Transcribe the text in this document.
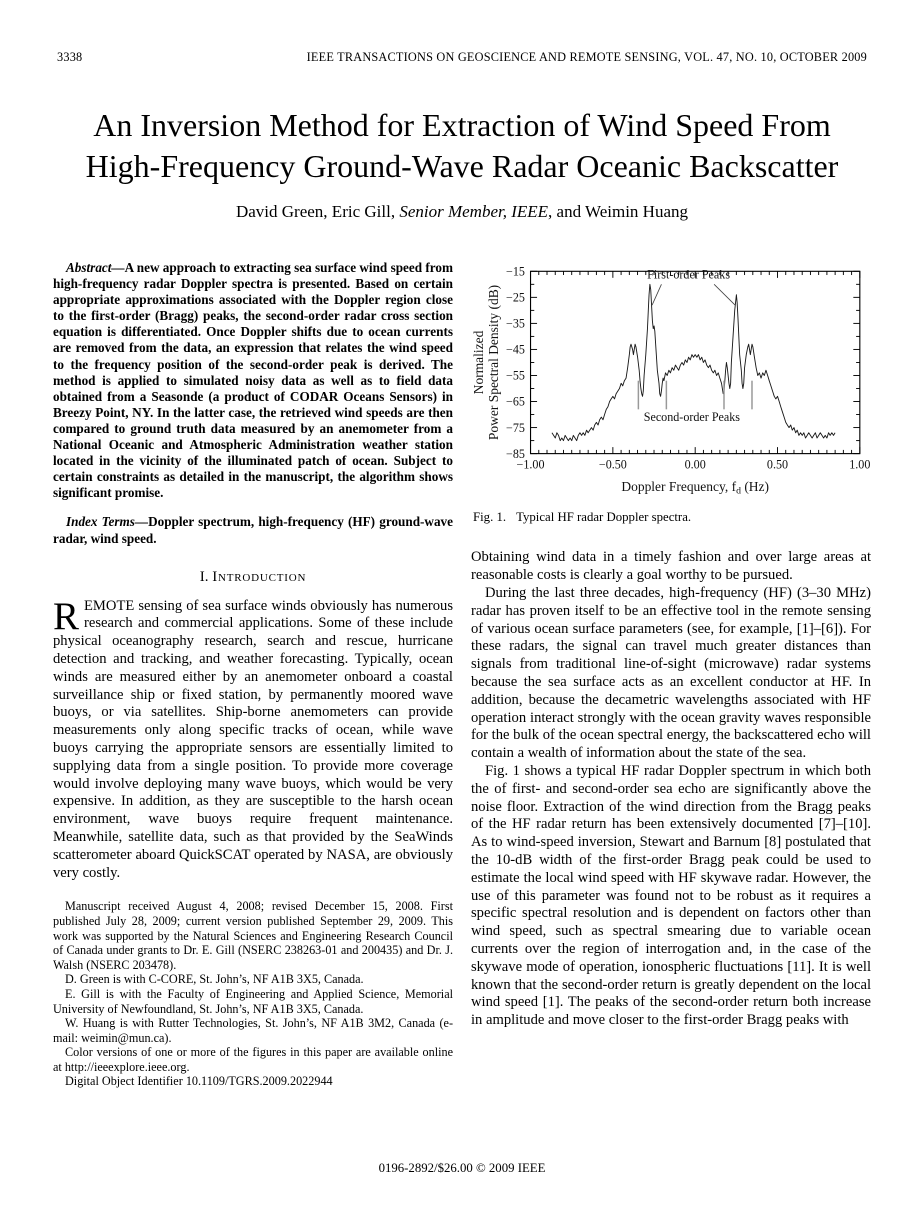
3338	IEEE TRANSACTIONS ON GEOSCIENCE AND REMOTE SENSING, VOL. 47, NO. 10, OCTOBER 2009
An Inversion Method for Extraction of Wind Speed From High-Frequency Ground-Wave Radar Oceanic Backscatter
David Green, Eric Gill, Senior Member, IEEE, and Weimin Huang

Abstract—A new approach to extracting sea surface wind speed from high-frequency radar Doppler spectra is presented. Based on certain appropriate approximations associated with the Doppler region close to the first-order (Bragg) peaks, the second-order radar cross section equation is differentiated. Once Doppler shifts due to ocean currents are removed from the data, an expression that relates the wind speed to the frequency position of the second-order peak is derived. The method is applied to simulated noisy data as well as to field data obtained from a Seasonde (a product of CODAR Oceans Sensors) in Breezy Point, NY. In the latter case, the retrieved wind speeds are then compared to ground truth data measured by an anemometer from a National Oceanic and Atmospheric Administration weather station located in the vicinity of the illuminated patch of ocean. Subject to certain constraints as detailed in the manuscript, the algorithm shows significant promise.

Index Terms—Doppler spectrum, high-frequency (HF) ground-wave radar, wind speed.

I. Introduction

REMOTE sensing of sea surface winds obviously has numerous research and commercial applications. Some of these include physical oceanography research, search and rescue, hurricane detection and tracking, and weather forecasting. Typically, ocean winds are measured either by an anemometer onboard a coastal surveillance ship or fixed station, by permanently moored wave buoys, or via satellites. Ship-borne anemometers can provide measurements only along specific tracks of ocean, while wave buoys carrying the appropriate sensors are essentially limited to supplying data from a single position. To provide more coverage would involve deploying many wave buoys, which would be very expensive. In addition, as they are susceptible to the harsh ocean environment, wave buoys require frequent maintenance. Meanwhile, satellite data, such as that provided by the SeaWinds scatterometer aboard QuickSCAT operated by NASA, are obviously very costly.

Manuscript received August 4, 2008; revised December 15, 2008. First published July 28, 2009; current version published September 29, 2009. This work was supported by the Natural Sciences and Engineering Research Council of Canada under grants to Dr. E. Gill (NSERC 238263-01 and 200435) and Dr. J. Walsh (NSERC 203478).

D. Green is with C-CORE, St. John’s, NF A1B 3X5, Canada.

E. Gill is with the Faculty of Engineering and Applied Science, Memorial University of Newfoundland, St. John’s, NF A1B 3X5, Canada.

W. Huang is with Rutter Technologies, St. John’s, NF A1B 3M2, Canada (e-mail: weimin@mun.ca).

Color versions of one or more of the figures in this paper are available online at http://ieeexplore.ieee.org.

Digital Object Identifier 10.1109/TGRS.2009.2022944

−1.00	−0.50	0.00	0.50	1.00
−85
−75
−65
−55
−45
−35
−25
−15
Doppler Frequency, $f_d$ (Hz)
Normalized Power Spectral Density (dB)
First-order Peaks
Second-order Peaks
Fig. 1. Typical HF radar Doppler spectra.

Obtaining wind data in a timely fashion and over large areas at reasonable costs is clearly a goal worthy to be pursued.

During the last three decades, high-frequency (HF) (3–30 MHz) radar has proven itself to be an effective tool in the remote sensing of various ocean surface parameters (see, for example, [1]–[6]). For these radars, the signal can travel much greater distances than signals from traditional line-of-sight (microwave) radar systems because the sea surface acts as an excellent conductor at HF. In addition, because the decametric wavelengths associated with HF operation interact strongly with the ocean gravity waves responsible for the bulk of the ocean spectral energy, the backscattered echo will contain a wealth of information about the state of the sea.

Fig. 1 shows a typical HF radar Doppler spectrum in which both the of first- and second-order sea echo are significantly above the noise floor. Extraction of the wind direction from the Bragg peaks of the HF radar return has been extensively documented [7]–[10]. As to wind-speed inversion, Stewart and Barnum [8] postulated that the 10-dB width of the first-order Bragg peak could be used to estimate the local wind speed with HF skywave radar. However, the use of this parameter was found not to be robust as it requires a specific spectral resolution and is dependent on factors other than wind speed, such as spectral smearing due to variable ocean currents over the region of interrogation and, in the case of the skywave mode of operation, ionospheric fluctuations [11]. It is well known that the second-order return is greatly dependent on the local wind speed [1]. The peaks of the second-order return both increase in amplitude and move closer to the first-order Bragg peaks with

0196-2892/$26.00 © 2009 IEEE
